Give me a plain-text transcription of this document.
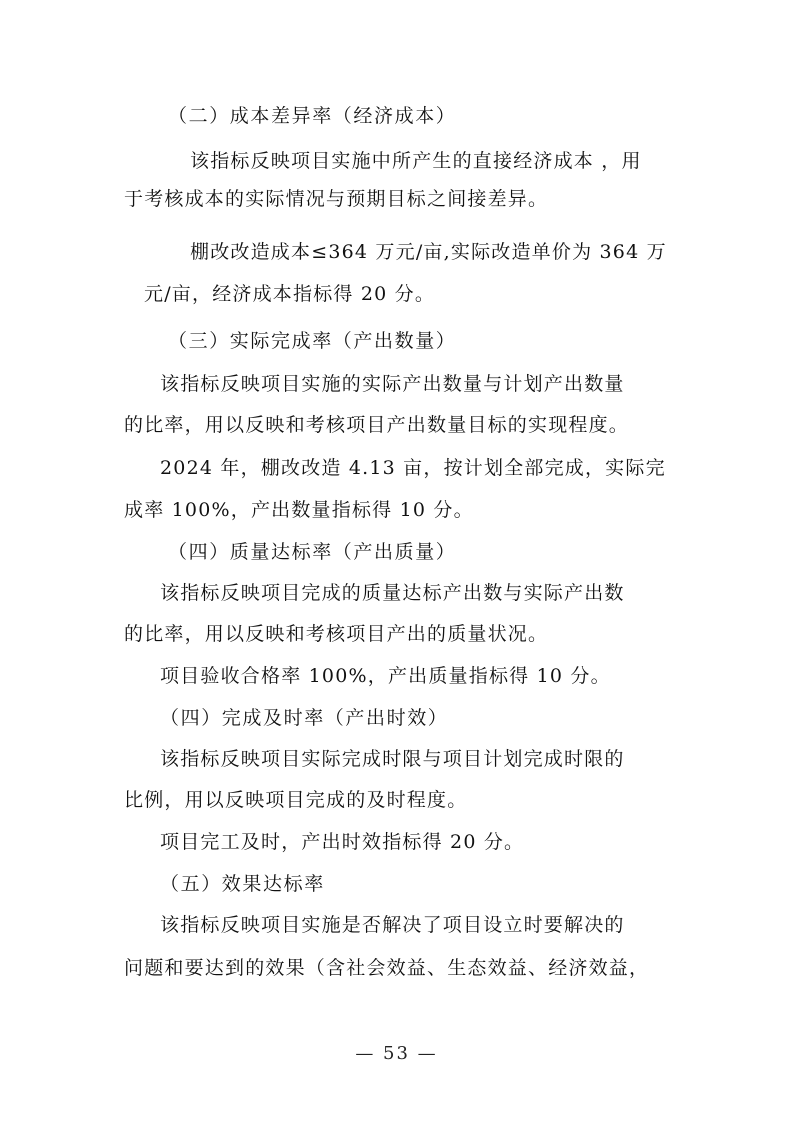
（二）成本差异率（经济成本）
该指标反映项目实施中所产生的直接经济成本 ，用
于考核成本的实际情况与预期目标之间接差异。
棚改改造成本≤364 万元/亩,实际改造单价为 364 万
元/亩，经济成本指标得 20 分。
（三）实际完成率（产出数量）
该指标反映项目实施的实际产出数量与计划产出数量
的比率，用以反映和考核项目产出数量目标的实现程度。
2024 年，棚改改造 4.13 亩，按计划全部完成，实际完
成率 100%，产出数量指标得 10 分。
（四）质量达标率（产出质量）
该指标反映项目完成的质量达标产出数与实际产出数
的比率，用以反映和考核项目产出的质量状况。
项目验收合格率 100%，产出质量指标得 10 分。
（四）完成及时率（产出时效）
该指标反映项目实际完成时限与项目计划完成时限的
比例，用以反映项目完成的及时程度。
项目完工及时，产出时效指标得 20 分。
（五）效果达标率
该指标反映项目实施是否解决了项目设立时要解决的
问题和要达到的效果（含社会效益、生态效益、经济效益，
— 53 —
